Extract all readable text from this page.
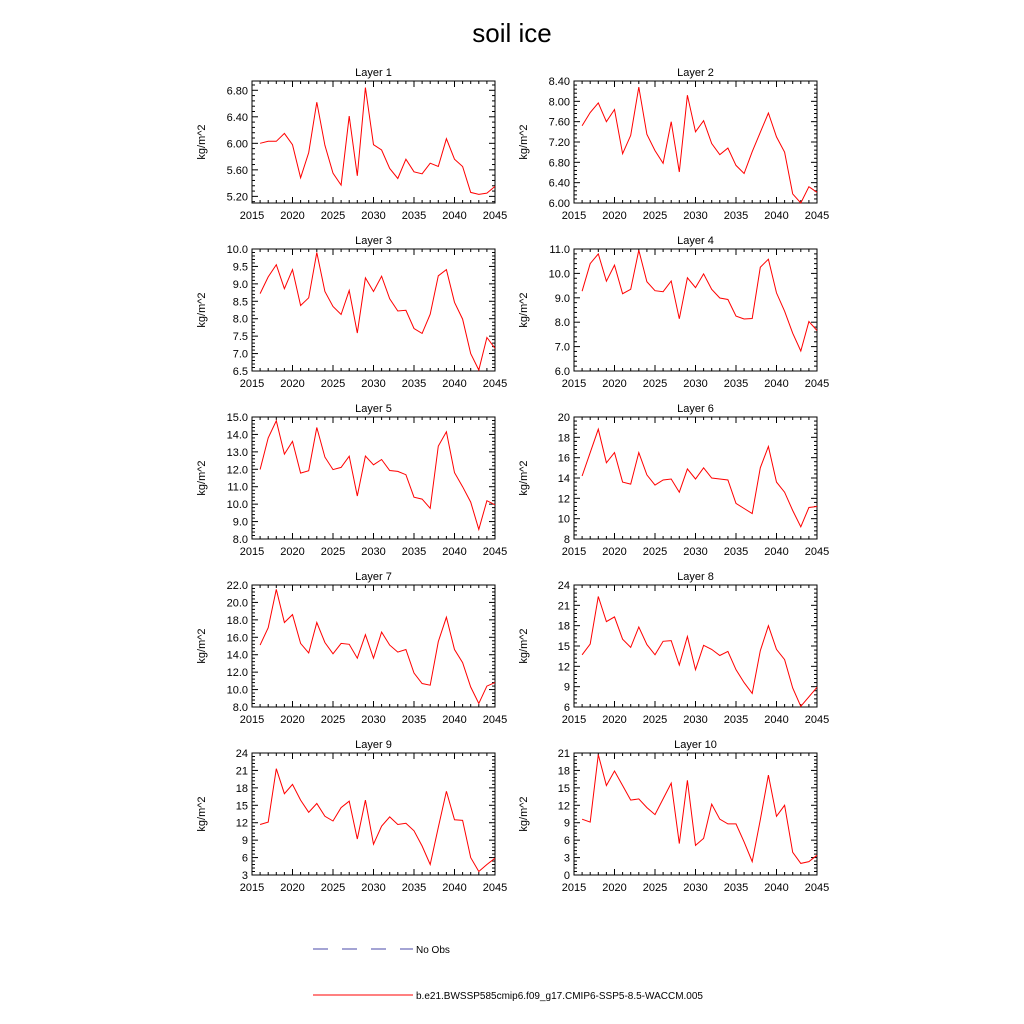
soil ice
Layer 1
kg/m^2
2015 2020 2025 2030 2035 2040 2045
5.20
5.60
6.00
6.40
6.80
Layer 2
kg/m^2
2015 2020 2025 2030 2035 2040 2045
6.00
6.40
6.80
7.20
7.60
8.00
8.40
Layer 3
kg/m^2
2015 2020 2025 2030 2035 2040 2045
6.5
7.0
7.5
8.0
8.5
9.0
9.5
10.0
Layer 4
kg/m^2
2015 2020 2025 2030 2035 2040 2045
6.0
7.0
8.0
9.0
10.0
11.0
Layer 5
kg/m^2
2015 2020 2025 2030 2035 2040 2045
8.0
9.0
10.0
11.0
12.0
13.0
14.0
15.0
Layer 6
kg/m^2
2015 2020 2025 2030 2035 2040 2045
8
10
12
14
16
18
20
Layer 7
kg/m^2
2015 2020 2025 2030 2035 2040 2045
8.0
10.0
12.0
14.0
16.0
18.0
20.0
22.0
Layer 8
kg/m^2
2015 2020 2025 2030 2035 2040 2045
6
9
12
15
18
21
24
Layer 9
kg/m^2
2015 2020 2025 2030 2035 2040 2045
3
6
9
12
15
18
21
24
Layer 10
kg/m^2
2015 2020 2025 2030 2035 2040 2045
0
3
6
9
12
15
18
21
No Obs
b.e21.BWSSP585cmip6.f09_g17.CMIP6-SSP5-8.5-WACCM.005
